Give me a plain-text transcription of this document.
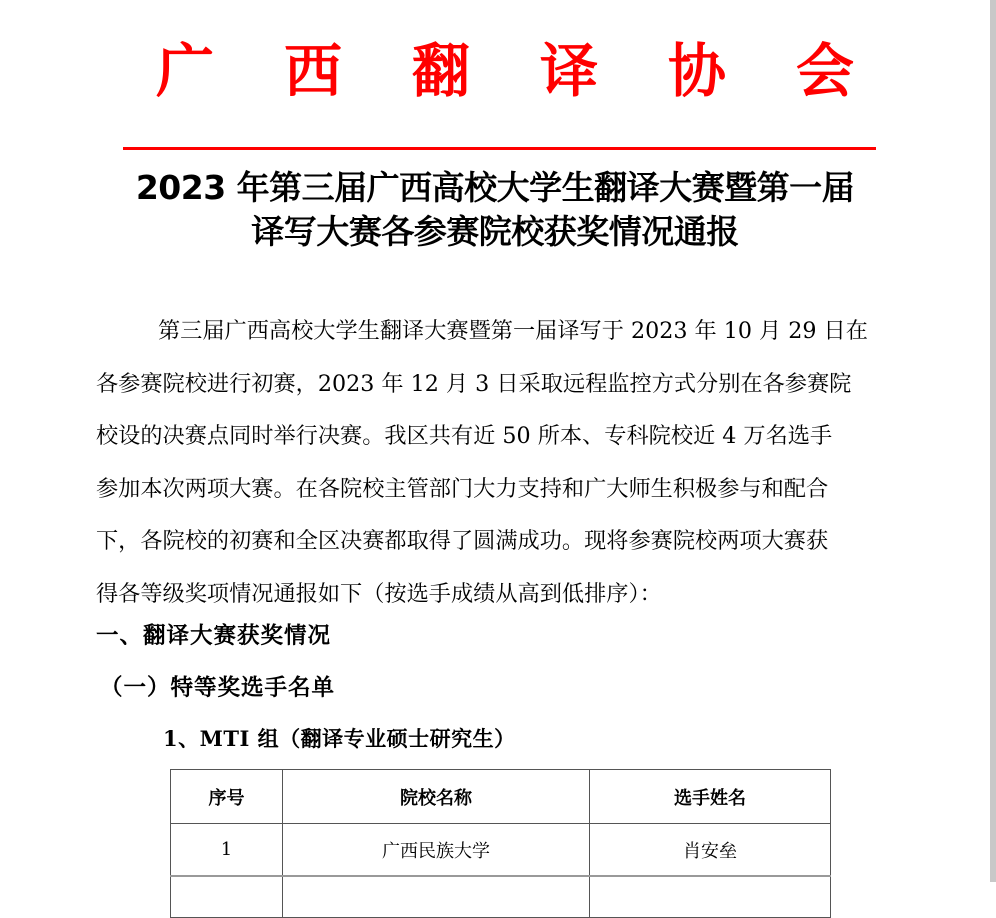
广 西 翻 译 协 会
2023 年第三届广西高校大学生翻译大赛暨第一届
译写大赛各参赛院校获奖情况通报
第三届广西高校大学生翻译大赛暨第一届译写于 2023 年 10 月 29 日在
各参赛院校进行初赛，2023 年 12 月 3 日采取远程监控方式分别在各参赛院
校设的决赛点同时举行决赛。我区共有近 50 所本、专科院校近 4 万名选手
参加本次两项大赛。在各院校主管部门大力支持和广大师生积极参与和配合
下，各院校的初赛和全区决赛都取得了圆满成功。现将参赛院校两项大赛获
得各等级奖项情况通报如下（按选手成绩从高到低排序）：
一、翻译大赛获奖情况
（一）特等奖选手名单
1、MTI 组（翻译专业硕士研究生）
序号	院校名称	选手姓名
1	广西民族大学	肖安垒
